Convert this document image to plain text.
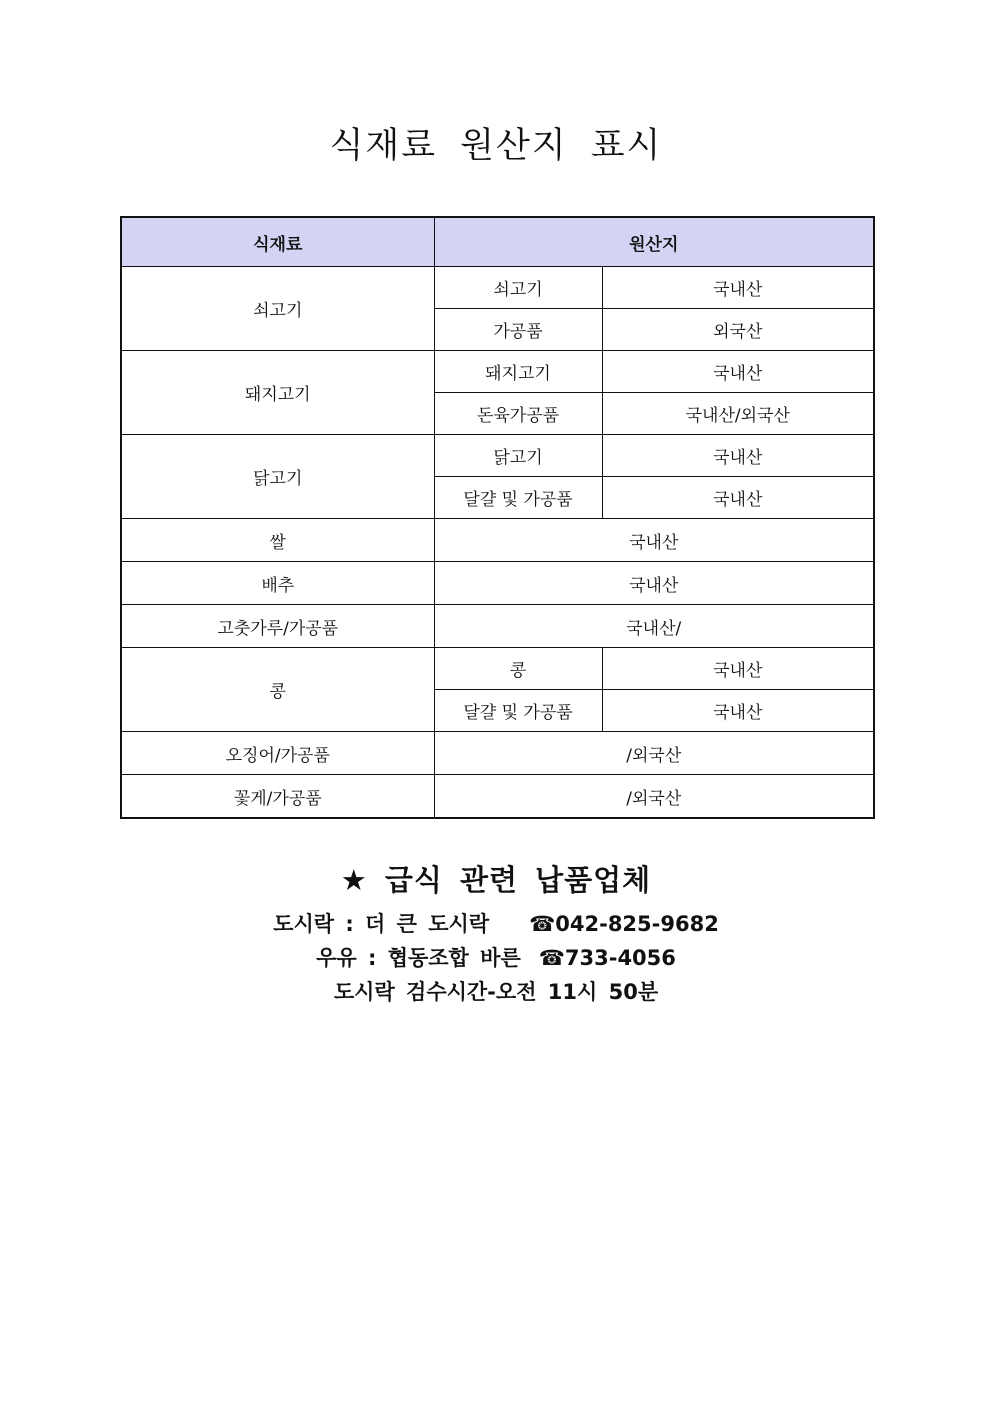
식재료 원산지 표시
식재료	원산지	
쇠고기	쇠고기	국내산
	가공품	외국산
돼지고기	돼지고기	국내산
	돈육가공품	국내산/외국산
닭고기	닭고기	국내산
	달걀 및 가공품	국내산
쌀	국내산	
배추	국내산	
고춧가루/가공품	국내산/	
콩	콩	국내산
	달걀 및 가공품	국내산
오징어/가공품	/외국산	
꽃게/가공품	/외국산	
★ 급식 관련 납품업체
도시락 : 더 큰 도시락 ☎042-825-9682
우유 : 협동조합 바른 ☎733-4056
도시락 검수시간-오전 11시 50분
